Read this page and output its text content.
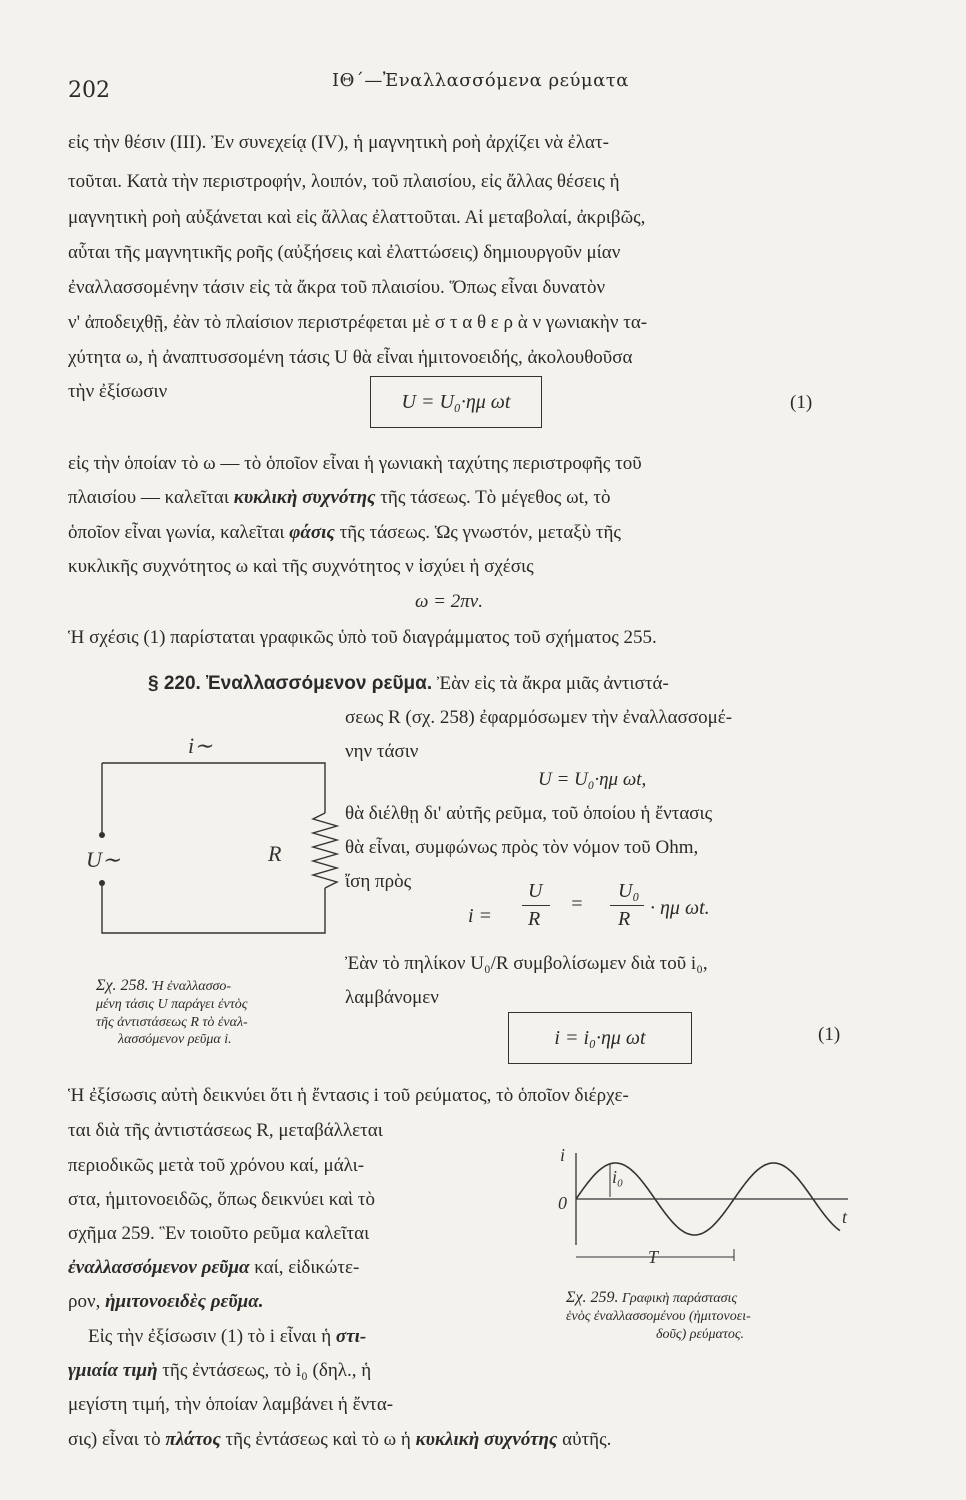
202	ΙΘ΄—Ἐναλλασσόμενα ρεύματα
εἰς τὴν θέσιν (III). Ἐν συνεχείᾳ (IV), ἡ μαγνητικὴ ροὴ ἀρχίζει νὰ ἐλατ-
τοῦται. Κατὰ τὴν περιστροφήν, λοιπόν, τοῦ πλαισίου, εἰς ἄλλας θέσεις ἡ
μαγνητικὴ ροὴ αὐξάνεται καὶ εἰς ἄλλας ἐλαττοῦται. Αἱ μεταβολαί, ἀκριβῶς,
αὗται τῆς μαγνητικῆς ροῆς (αὐξήσεις καὶ ἐλαττώσεις) δημιουργοῦν μίαν
ἐναλλασσομένην τάσιν εἰς τὰ ἄκρα τοῦ πλαισίου. Ὅπως εἶναι δυνατὸν
ν' ἀποδειχθῇ, ἐὰν τὸ πλαίσιον περιστρέφεται μὲ σ τ α θ ε ρ ὰ ν γωνιακὴν τα-
χύτητα ω, ἡ ἀναπτυσσομένη τάσις U θὰ εἶναι ἡμιτονοειδής, ἀκολουθοῦσα
τὴν ἐξίσωσιν	U = U₀·ημ ωt	(1)
εἰς τὴν ὁποίαν τὸ ω — τὸ ὁποῖον εἶναι ἡ γωνιακὴ ταχύτης περιστροφῆς τοῦ
πλαισίου — καλεῖται κυκλικὴ συχνότης τῆς τάσεως. Τὸ μέγεθος ωt, τὸ
ὁποῖον εἶναι γωνία, καλεῖται φάσις τῆς τάσεως. Ὡς γνωστόν, μεταξὺ τῆς
κυκλικῆς συχνότητος ω καὶ τῆς συχνότητος ν ἰσχύει ἡ σχέσις
ω = 2πν.
Ἡ σχέσις (1) παρίσταται γραφικῶς ὑπὸ τοῦ διαγράμματος τοῦ σχήματος 255.
§ 220. Ἐναλλασσόμενον ρεῦμα. Ἐὰν εἰς τὰ ἄκρα μιᾶς ἀντιστά-
σεως R (σχ. 258) ἐφαρμόσωμεν τὴν ἐναλλασσομέ-
νην τάσιν
U = U₀·ημ ωt,
θὰ διέλθῃ δι' αὐτῆς ρεῦμα, τοῦ ὁποίου ἡ ἔντασις
θὰ εἶναι, συμφώνως πρὸς τὸν νόμον τοῦ Ohm,
ἴση πρὸς
i =
U
R
=
U₀
R · ημ ωt.
Ἐὰν τὸ πηλίκον U₀/R συμβολίσωμεν διὰ τοῦ i₀,
λαμβάνομεν
i = i₀·ημ ωt	(1)
i∼
U∼	R
Σχ. 258. Ἡ ἐναλλασσο-
μένη τάσις U παράγει ἐντὸς
τῆς ἀντιστάσεως R τὸ ἐναλ-
λασσόμενον ρεῦμα i.
Ἡ ἐξίσωσις αὐτὴ δεικνύει ὅτι ἡ ἔντασις i τοῦ ρεύματος, τὸ ὁποῖον διέρχε-
ται διὰ τῆς ἀντιστάσεως R, μεταβάλλεται
περιοδικῶς μετὰ τοῦ χρόνου καί, μάλι-
στα, ἡμιτονοειδῶς, ὅπως δεικνύει καὶ τὸ
σχῆμα 259. Ἓν τοιοῦτο ρεῦμα καλεῖται
ἐναλλασσόμενον ρεῦμα καί, εἰδικώτε-
ρον, ἡμιτονοειδὲς ρεῦμα.
Εἰς τὴν ἐξίσωσιν (1) τὸ i εἶναι ἡ στι-
γμιαία τιμὴ τῆς ἐντάσεως, τὸ i₀ (δηλ., ἡ
μεγίστη τιμή, τὴν ὁποίαν λαμβάνει ἡ ἔντα-
σις) εἶναι τὸ πλάτος τῆς ἐντάσεως καὶ τὸ ω ἡ κυκλικὴ συχνότης αὐτῆς.
i
i₀
0
t
T
Σχ. 259. Γραφικὴ παράστασις
ἑνὸς ἐναλλασσομένου (ἡμιτονοει-
δοῦς) ρεύματος.
